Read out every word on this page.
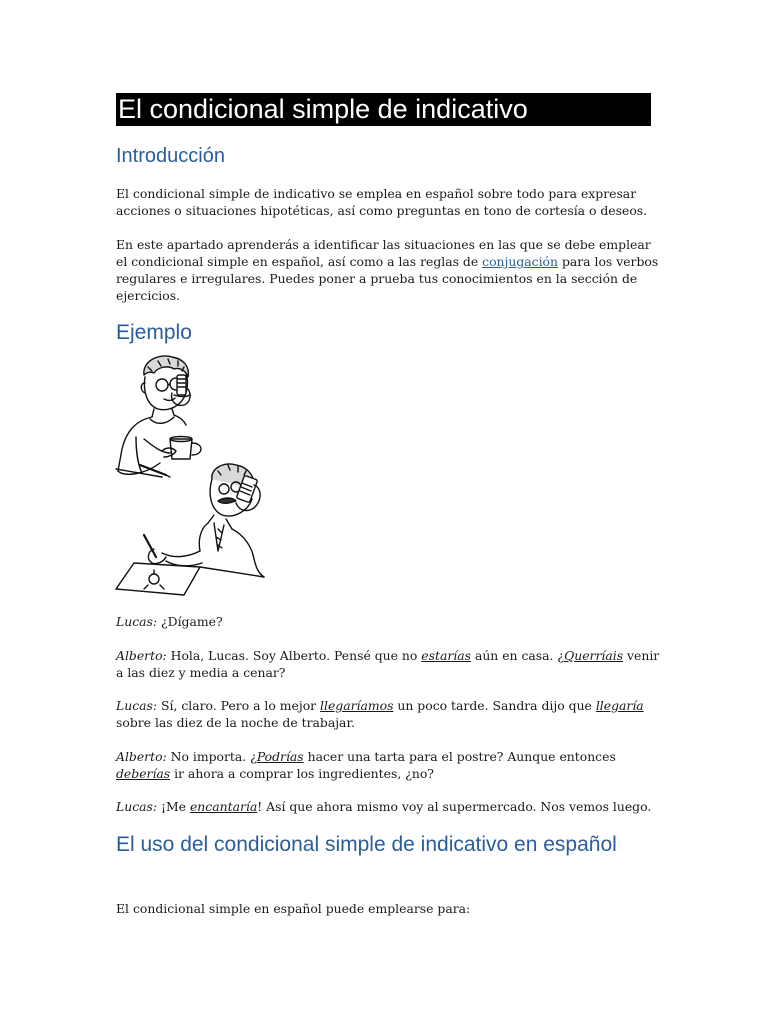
El condicional simple de indicativo
Introducción

El condicional simple de indicativo se emplea en español sobre todo para expresar acciones o situaciones hipotéticas, así como preguntas en tono de cortesía o deseos.

En este apartado aprenderás a identificar las situaciones en las que se debe emplear el condicional simple en español, así como a las reglas de conjugación para los verbos regulares e irregulares. Puedes poner a prueba tus conocimientos en la sección de ejercicios.

Ejemplo

Lucas: ¿Dígame?

Alberto: Hola, Lucas. Soy Alberto. Pensé que no estarías aún en casa. ¿Querríais venir a las diez y media a cenar?

Lucas: Sí, claro. Pero a lo mejor llegaríamos un poco tarde. Sandra dijo que llegaría sobre las diez de la noche de trabajar.

Alberto: No importa. ¿Podrías hacer una tarta para el postre? Aunque entonces deberías ir ahora a comprar los ingredientes, ¿no?

Lucas: ¡Me encantaría! Así que ahora mismo voy al supermercado. Nos vemos luego.

El uso del condicional simple de indicativo en español

El condicional simple en español puede emplearse para:
